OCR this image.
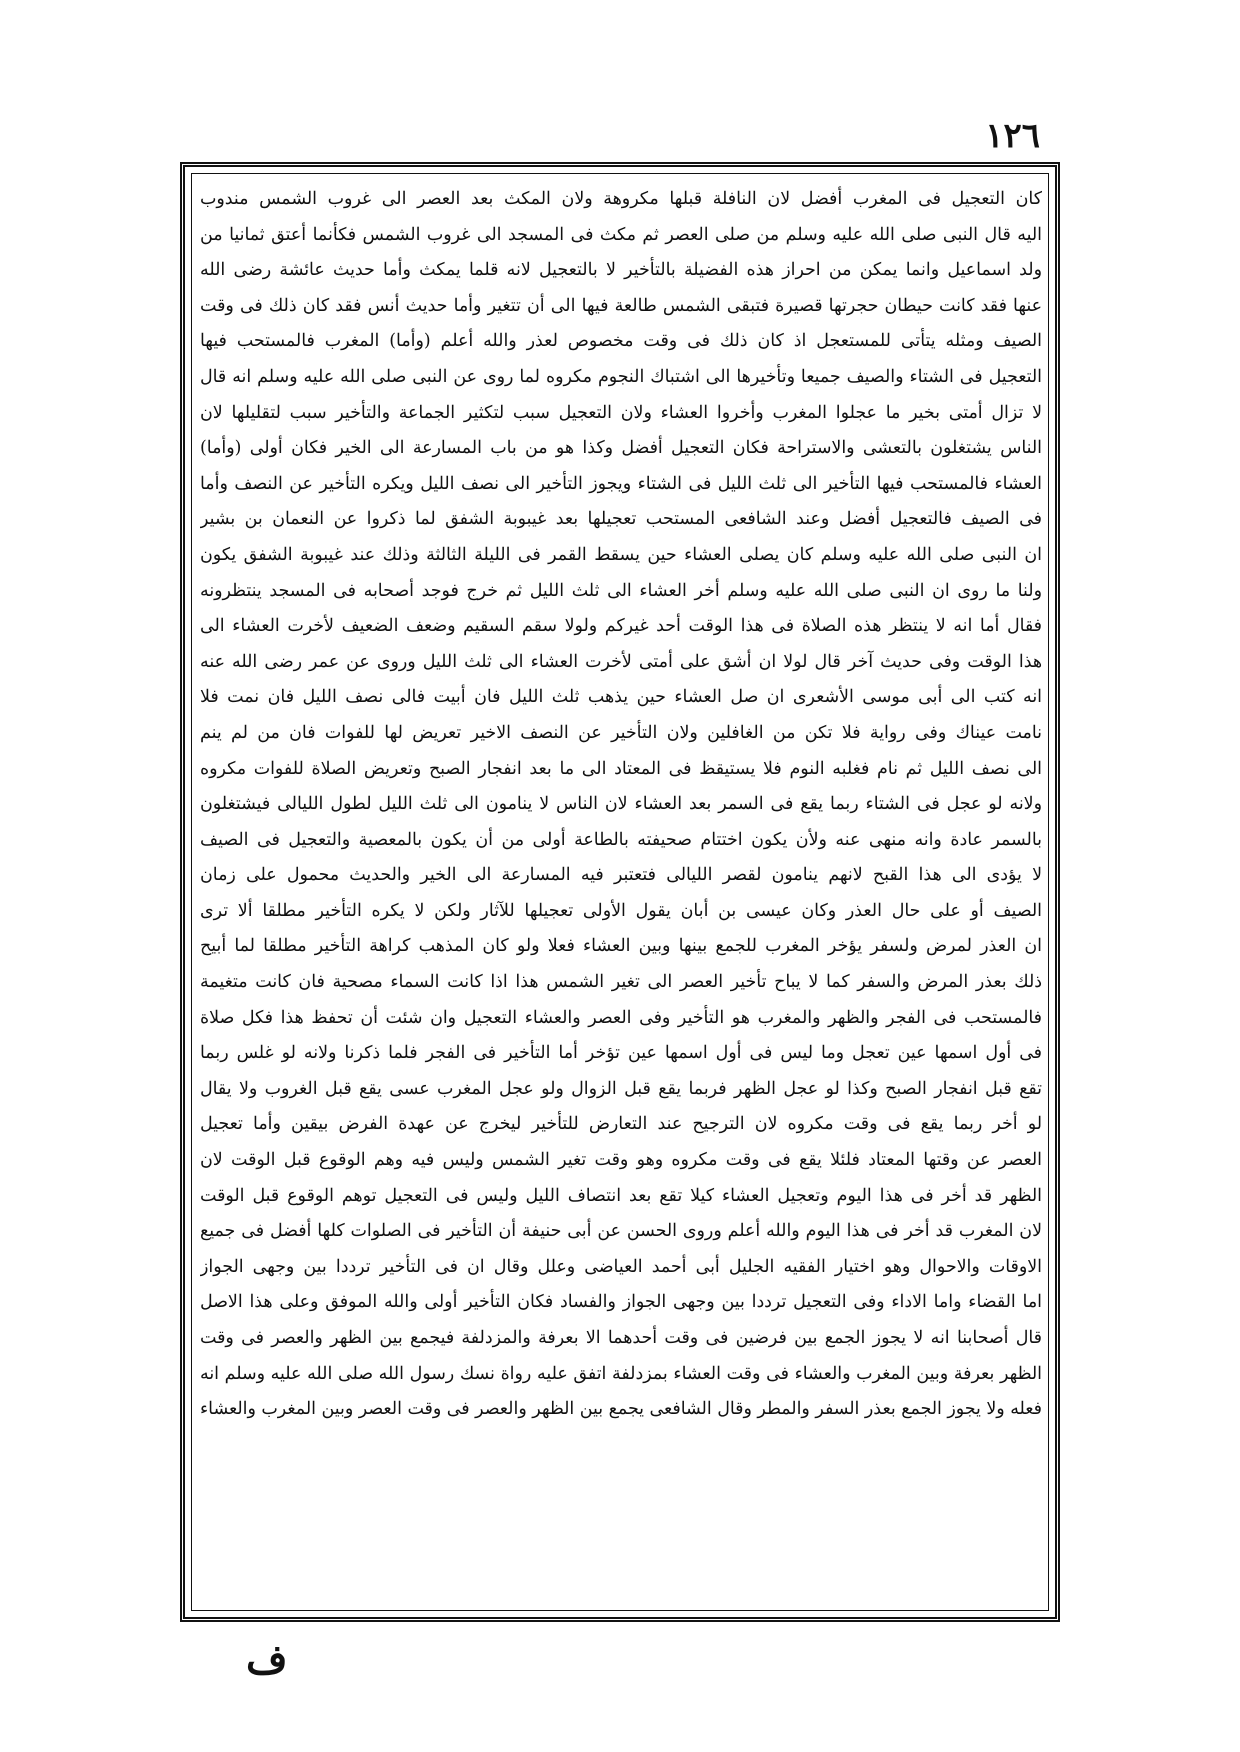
١٢٦
كان التعجيل فى المغرب أفضل لان النافلة قبلها مكروهة ولان المكث بعد العصر الى غروب الشمس مندوب
اليه قال النبى صلى الله عليه وسلم من صلى العصر ثم مكث فى المسجد الى غروب الشمس فكأنما أعتق ثمانيا من
ولد اسماعيل وانما يمكن من احراز هذه الفضيلة بالتأخير لا بالتعجيل لانه قلما يمكث وأما حديث عائشة رضى الله
عنها فقد كانت حيطان حجرتها قصيرة فتبقى الشمس طالعة فيها الى أن تتغير وأما حديث أنس فقد كان ذلك فى وقت
الصيف ومثله يتأتى للمستعجل اذ كان ذلك فى وقت مخصوص لعذر والله أعلم (وأما) المغرب فالمستحب فيها
التعجيل فى الشتاء والصيف جميعا وتأخيرها الى اشتباك النجوم مكروه لما روى عن النبى صلى الله عليه وسلم انه قال
لا تزال أمتى بخير ما عجلوا المغرب وأخروا العشاء ولان التعجيل سبب لتكثير الجماعة والتأخير سبب لتقليلها لان
الناس يشتغلون بالتعشى والاستراحة فكان التعجيل أفضل وكذا هو من باب المسارعة الى الخير فكان أولى (وأما)
العشاء فالمستحب فيها التأخير الى ثلث الليل فى الشتاء ويجوز التأخير الى نصف الليل ويكره التأخير عن النصف وأما
فى الصيف فالتعجيل أفضل وعند الشافعى المستحب تعجيلها بعد غيبوبة الشفق لما ذكروا عن النعمان بن بشير
ان النبى صلى الله عليه وسلم كان يصلى العشاء حين يسقط القمر فى الليلة الثالثة وذلك عند غيبوبة الشفق يكون
ولنا ما روى ان النبى صلى الله عليه وسلم أخر العشاء الى ثلث الليل ثم خرج فوجد أصحابه فى المسجد ينتظرونه
فقال أما انه لا ينتظر هذه الصلاة فى هذا الوقت أحد غيركم ولولا سقم السقيم وضعف الضعيف لأخرت العشاء الى
هذا الوقت وفى حديث آخر قال لولا ان أشق على أمتى لأخرت العشاء الى ثلث الليل وروى عن عمر رضى الله عنه
انه كتب الى أبى موسى الأشعرى ان صل العشاء حين يذهب ثلث الليل فان أبيت فالى نصف الليل فان نمت فلا
نامت عيناك وفى رواية فلا تكن من الغافلين ولان التأخير عن النصف الاخير تعريض لها للفوات فان من لم ينم
الى نصف الليل ثم نام فغلبه النوم فلا يستيقظ فى المعتاد الى ما بعد انفجار الصبح وتعريض الصلاة للفوات مكروه
ولانه لو عجل فى الشتاء ربما يقع فى السمر بعد العشاء لان الناس لا ينامون الى ثلث الليل لطول الليالى فيشتغلون
بالسمر عادة وانه منهى عنه ولأن يكون اختتام صحيفته بالطاعة أولى من أن يكون بالمعصية والتعجيل فى الصيف
لا يؤدى الى هذا القبح لانهم ينامون لقصر الليالى فتعتبر فيه المسارعة الى الخير والحديث محمول على زمان
الصيف أو على حال العذر وكان عيسى بن أبان يقول الأولى تعجيلها للآثار ولكن لا يكره التأخير مطلقا ألا ترى
ان العذر لمرض ولسفر يؤخر المغرب للجمع بينها وبين العشاء فعلا ولو كان المذهب كراهة التأخير مطلقا لما أبيح
ذلك بعذر المرض والسفر كما لا يباح تأخير العصر الى تغير الشمس هذا اذا كانت السماء مصحية فان كانت متغيمة
فالمستحب فى الفجر والظهر والمغرب هو التأخير وفى العصر والعشاء التعجيل وان شئت أن تحفظ هذا فكل صلاة
فى أول اسمها عين تعجل وما ليس فى أول اسمها عين تؤخر أما التأخير فى الفجر فلما ذكرنا ولانه لو غلس ربما
تقع قبل انفجار الصبح وكذا لو عجل الظهر فربما يقع قبل الزوال ولو عجل المغرب عسى يقع قبل الغروب ولا يقال
لو أخر ربما يقع فى وقت مكروه لان الترجيح عند التعارض للتأخير ليخرج عن عهدة الفرض بيقين وأما تعجيل
العصر عن وقتها المعتاد فلئلا يقع فى وقت مكروه وهو وقت تغير الشمس وليس فيه وهم الوقوع قبل الوقت لان
الظهر قد أخر فى هذا اليوم وتعجيل العشاء كيلا تقع بعد انتصاف الليل وليس فى التعجيل توهم الوقوع قبل الوقت
لان المغرب قد أخر فى هذا اليوم والله أعلم وروى الحسن عن أبى حنيفة أن التأخير فى الصلوات كلها أفضل فى جميع
الاوقات والاحوال وهو اختيار الفقيه الجليل أبى أحمد العياضى وعلل وقال ان فى التأخير ترددا بين وجهى الجواز
اما القضاء واما الاداء وفى التعجيل ترددا بين وجهى الجواز والفساد فكان التأخير أولى والله الموفق وعلى هذا الاصل
قال أصحابنا انه لا يجوز الجمع بين فرضين فى وقت أحدهما الا بعرفة والمزدلفة فيجمع بين الظهر والعصر فى وقت
الظهر بعرفة وبين المغرب والعشاء فى وقت العشاء بمزدلفة اتفق عليه رواة نسك رسول الله صلى الله عليه وسلم انه
فعله ولا يجوز الجمع بعذر السفر والمطر وقال الشافعى يجمع بين الظهر والعصر فى وقت العصر وبين المغرب والعشاء
ف
